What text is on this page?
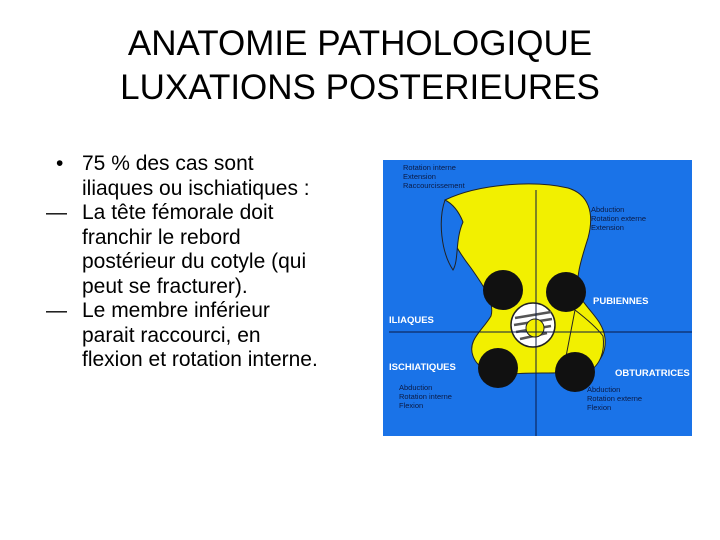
ANATOMIE PATHOLOGIQUE
LUXATIONS POSTERIEURES
• 75 % des cas sont
iliaques ou ischiatiques :
— La tête fémorale doit
franchir le rebord
postérieur du cotyle (qui
peut se fracturer).
— Le membre inférieur
parait raccourci, en
flexion et rotation interne.
PUBIENNES
ILIAQUES
ISCHIATIQUES
OBTURATRICES
Rotation interne
Extension
Raccourcissement
Abduction
Rotation externe
Extension
Abduction
Rotation interne
Flexion
Abduction
Rotation externe
Flexion
